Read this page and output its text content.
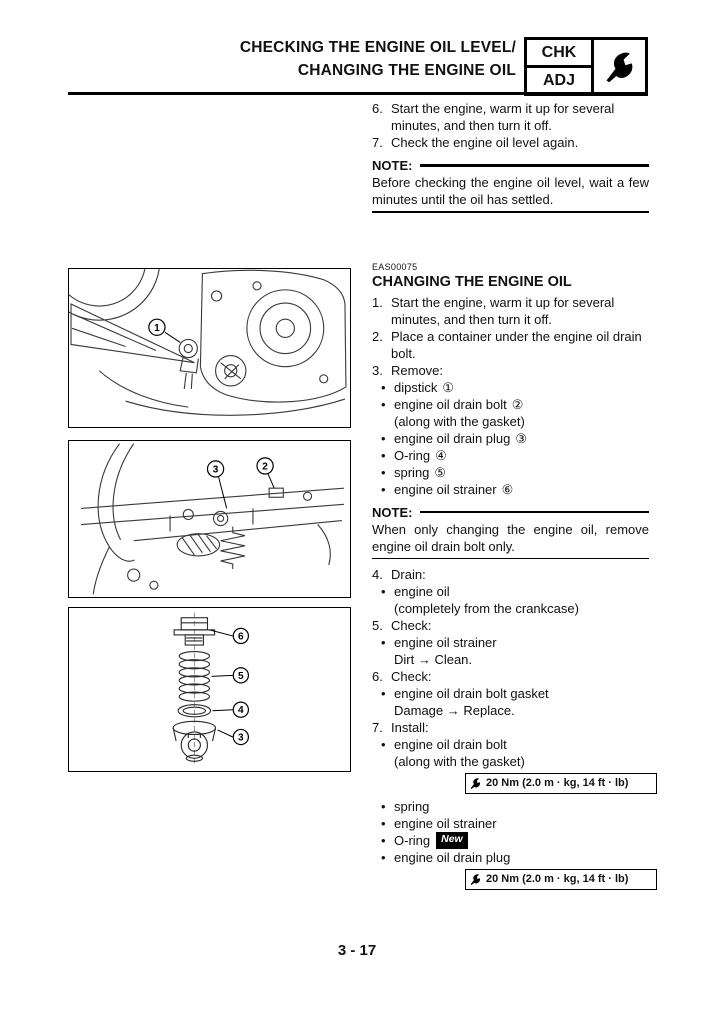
CHECKING THE ENGINE OIL LEVEL/
CHANGING THE ENGINE OIL
CHK
ADJ
1
3	2
6
5
4
3
6. Start the engine, warm it up for several minutes, and then turn it off.
7. Check the engine oil level again.
NOTE:
Before checking the engine oil level, wait a few minutes until the oil has settled.
EAS00075
CHANGING THE ENGINE OIL
1. Start the engine, warm it up for several minutes, and then turn it off.
2. Place a container under the engine oil drain bolt.
3. Remove:
• dipstick ①
• engine oil drain bolt ②
(along with the gasket)
• engine oil drain plug ③
• O-ring ④
• spring ⑤
• engine oil strainer ⑥
NOTE:
When only changing the engine oil, remove engine oil drain bolt only.
4. Drain:
• engine oil
(completely from the crankcase)
5. Check:
• engine oil strainer
Dirt → Clean.
6. Check:
• engine oil drain bolt gasket
Damage → Replace.
7. Install:
• engine oil drain bolt
(along with the gasket)
20 Nm (2.0 m · kg, 14 ft · lb)
• spring
• engine oil strainer
• O-ring	New
• engine oil drain plug
20 Nm (2.0 m · kg, 14 ft · lb)
3 - 17
